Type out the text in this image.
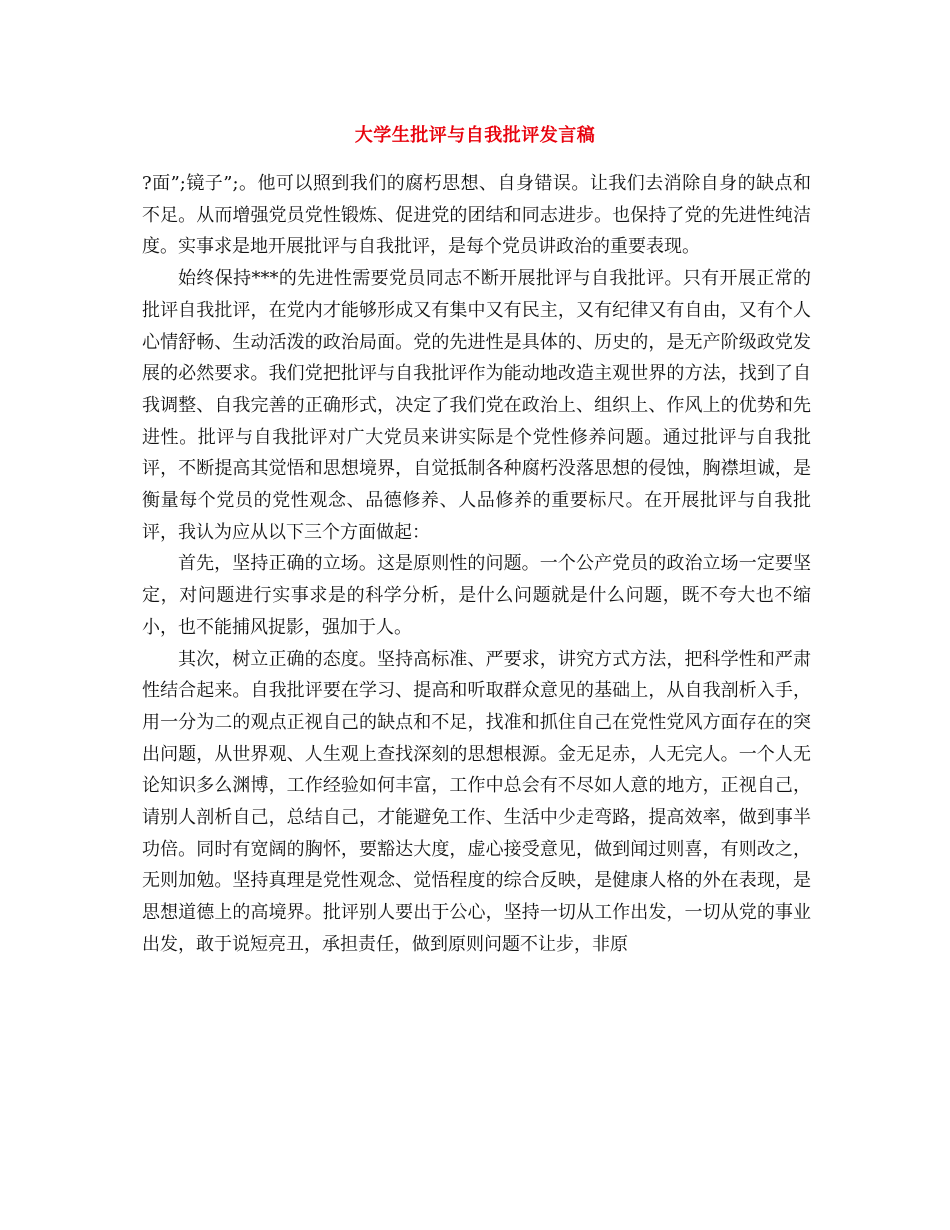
大学生批评与自我批评发言稿

?面”;镜子”;。他可以照到我们的腐朽思想、自身错误。让我们去消除自身的缺点和不足。从而增强党员党性锻炼、促进党的团结和同志进步。也保持了党的先进性纯洁度。实事求是地开展批评与自我批评，是每个党员讲政治的重要表现。

始终保持***的先进性需要党员同志不断开展批评与自我批评。只有开展正常的批评自我批评，在党内才能够形成又有集中又有民主，又有纪律又有自由，又有个人心情舒畅、生动活泼的政治局面。党的先进性是具体的、历史的，是无产阶级政党发展的必然要求。我们党把批评与自我批评作为能动地改造主观世界的方法，找到了自我调整、自我完善的正确形式，决定了我们党在政治上、组织上、作风上的优势和先进性。批评与自我批评对广大党员来讲实际是个党性修养问题。通过批评与自我批评，不断提高其觉悟和思想境界，自觉抵制各种腐朽没落思想的侵蚀，胸襟坦诚，是衡量每个党员的党性观念、品德修养、人品修养的重要标尺。在开展批评与自我批评，我认为应从以下三个方面做起：

首先，坚持正确的立场。这是原则性的问题。一个公产党员的政治立场一定要坚定，对问题进行实事求是的科学分析，是什么问题就是什么问题，既不夸大也不缩小，也不能捕风捉影，强加于人。

其次，树立正确的态度。坚持高标准、严要求，讲究方式方法，把科学性和严肃性结合起来。自我批评要在学习、提高和听取群众意见的基础上，从自我剖析入手，用一分为二的观点正视自己的缺点和不足，找准和抓住自己在党性党风方面存在的突出问题，从世界观、人生观上查找深刻的思想根源。金无足赤，人无完人。一个人无论知识多么渊博，工作经验如何丰富，工作中总会有不尽如人意的地方，正视自己，请别人剖析自己，总结自己，才能避免工作、生活中少走弯路，提高效率，做到事半功倍。同时有宽阔的胸怀，要豁达大度，虚心接受意见，做到闻过则喜，有则改之，无则加勉。坚持真理是党性观念、觉悟程度的综合反映，是健康人格的外在表现，是思想道德上的高境界。批评别人要出于公心，坚持一切从工作出发，一切从党的事业出发，敢于说短亮丑，承担责任，做到原则问题不让步，非原
